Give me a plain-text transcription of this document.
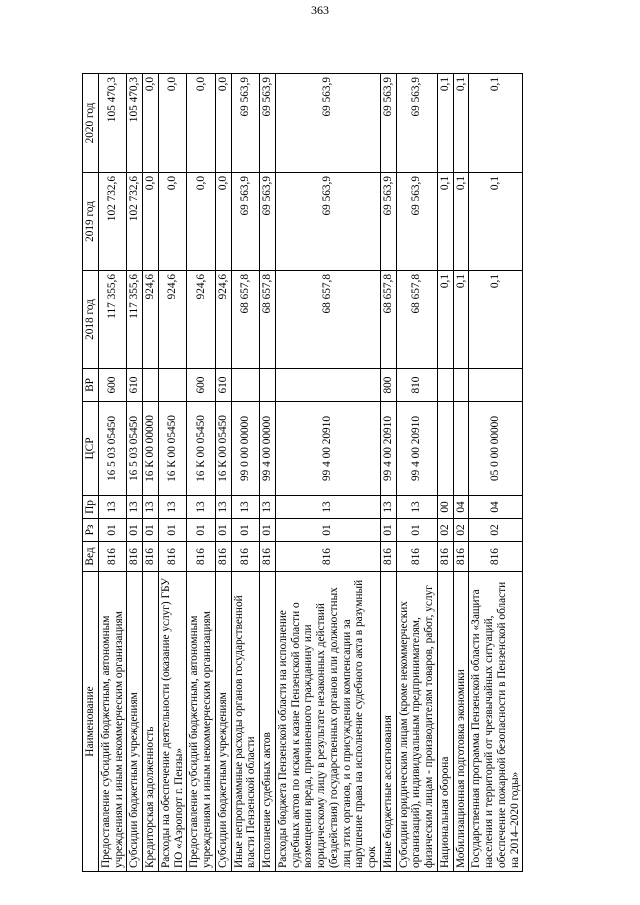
363
Наименование	Вед	Рз	Пр	ЦСР	ВР	2018 год	2019 год	2020 год
Предоставление субсидий бюджетным, автономным учреждениям и иным некоммерческим организациям	816	01	13	16 5 03 05450	600	117 355,6	102 732,6	105 470,3
Субсидии бюджетным учреждениям	816	01	13	16 5 03 05450	610	117 355,6	102 732,6	105 470,3
Кредиторская задолженность	816	01	13	16 К 00 00000		924,6	0,0	0,0
Расходы на обеспечение деятельности (оказание услуг) ГБУ ПО «Аэропорт г. Пензы»	816	01	13	16 К 00 05450		924,6	0,0	0,0
Предоставление субсидий бюджетным, автономным учреждениям и иным некоммерческим организациям	816	01	13	16 К 00 05450	600	924,6	0,0	0,0
Субсидии бюджетным учреждениям	816	01	13	16 К 00 05450	610	924,6	0,0	0,0
Иные непрограммные расходы органов государственной власти Пензенской области	816	01	13	99 0 00 00000		68 657,8	69 563,9	69 563,9
Исполнение судебных актов	816	01	13	99 4 00 00000		68 657,8	69 563,9	69 563,9
Расходы бюджета Пензенской области на исполнение судебных актов по искам к казне Пензенской области о возмещении вреда, причиненного гражданину или юридическому лицу в результате незаконных действий (бездействия) государственных органов или должностных лиц этих органов, и о присуждении компенсации за нарушение права на исполнение судебного акта в разумный срок	816	01	13	99 4 00 20910		68 657,8	69 563,9	69 563,9
Иные бюджетные ассигнования	816	01	13	99 4 00 20910	800	68 657,8	69 563,9	69 563,9
Субсидии юридическим лицам (кроме некоммерческих организаций), индивидуальным предпринимателям, физическим лицам - производителям товаров, работ, услуг	816	01	13	99 4 00 20910	810	68 657,8	69 563,9	69 563,9
Национальная оборона	816	02	00			0,1	0,1	0,1
Мобилизационная подготовка экономики	816	02	04			0,1	0,1	0,1
Государственная программа Пензенской области «Защита населения и территорий от чрезвычайных ситуаций, обеспечение пожарной безопасности в Пензенской области на 2014–2020 годы»	816	02	04	05 0 00 00000		0,1	0,1	0,1
